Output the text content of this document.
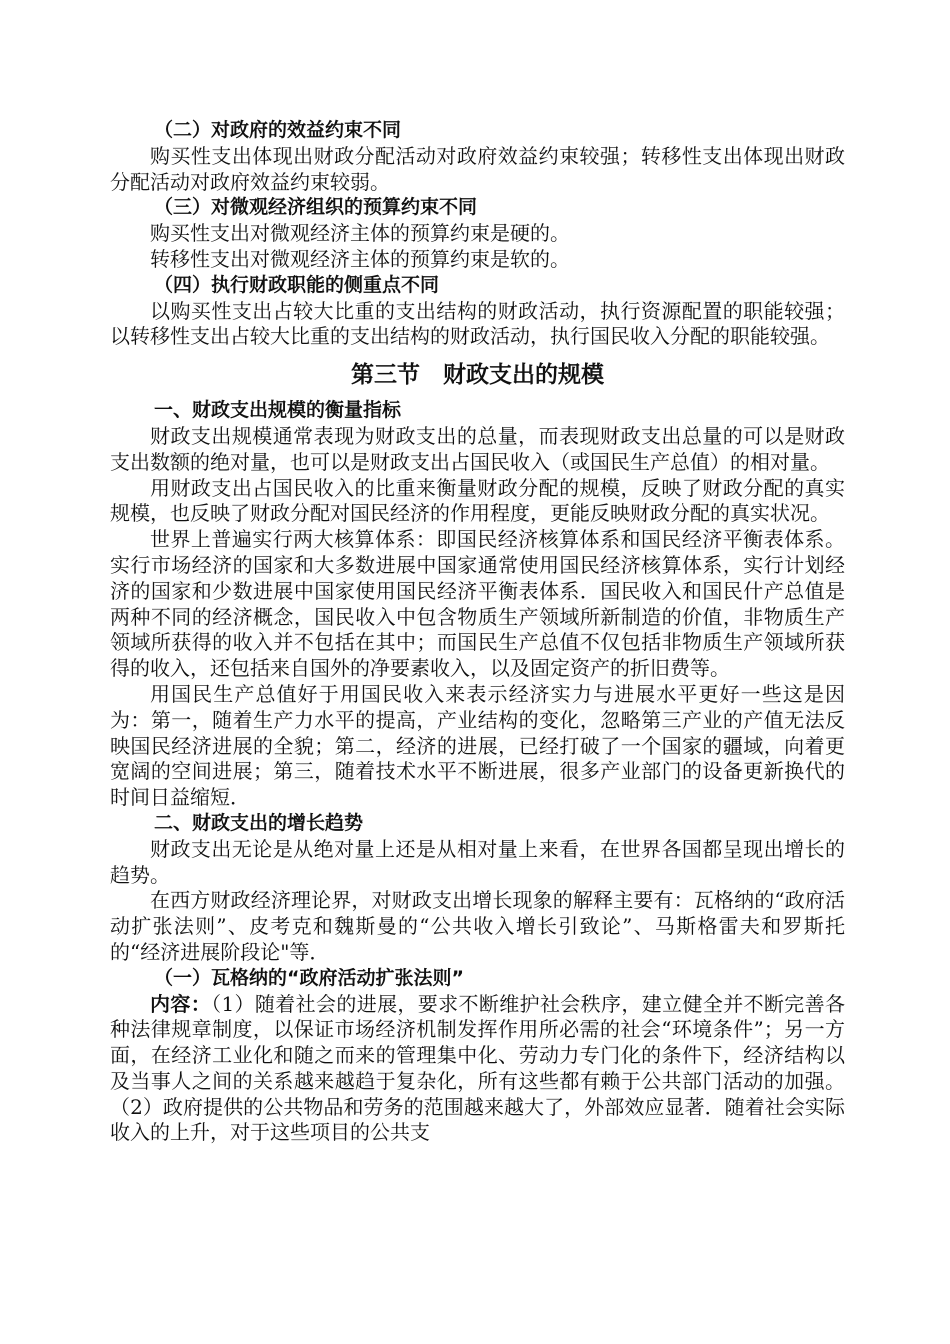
（二）对政府的效益约束不同

购买性支出体现出财政分配活动对政府效益约束较强；转移性支出体现出财政分配活动对政府效益约束较弱。

（三）对微观经济组织的预算约束不同

购买性支出对微观经济主体的预算约束是硬的。

转移性支出对微观经济主体的预算约束是软的。

（四）执行财政职能的侧重点不同

以购买性支出占较大比重的支出结构的财政活动，执行资源配置的职能较强；以转移性支出占较大比重的支出结构的财政活动，执行国民收入分配的职能较强。

第三节　财政支出的规模

一、财政支出规模的衡量指标

财政支出规模通常表现为财政支出的总量，而表现财政支出总量的可以是财政支出数额的绝对量，也可以是财政支出占国民收入（或国民生产总值）的相对量。

用财政支出占国民收入的比重来衡量财政分配的规模，反映了财政分配的真实规模，也反映了财政分配对国民经济的作用程度，更能反映财政分配的真实状况。

世界上普遍实行两大核算体系：即国民经济核算体系和国民经济平衡表体系。实行市场经济的国家和大多数进展中国家通常使用国民经济核算体系，实行计划经济的国家和少数进展中国家使用国民经济平衡表体系．国民收入和国民什产总值是两种不同的经济概念，国民收入中包含物质生产领域所新制造的价值，非物质生产领域所获得的收入并不包括在其中；而国民生产总值不仅包括非物质生产领域所获得的收入，还包括来自国外的净要素收入，以及固定资产的折旧费等。

用国民生产总值好于用国民收入来表示经济实力与进展水平更好一些这是因为：第一，随着生产力水平的提高，产业结构的变化，忽略第三产业的产值无法反映国民经济进展的全貌；第二，经济的进展，已经打破了一个国家的疆域，向着更宽阔的空间进展；第三，随着技术水平不断进展，很多产业部门的设备更新换代的时间日益缩短．

二、财政支出的增长趋势

财政支出无论是从绝对量上还是从相对量上来看，在世界各国都呈现出增长的趋势。

在西方财政经济理论界，对财政支出增长现象的解释主要有：瓦格纳的“政府活动扩张法则”、皮考克和魏斯曼的“公共收入增长引致论”、马斯格雷夫和罗斯托的“经济进展阶段论"等．

（一）瓦格纳的“政府活动扩张法则”

内容：（1）随着社会的进展，要求不断维护社会秩序，建立健全并不断完善各种法律规章制度，以保证市场经济机制发挥作用所必需的社会“环境条件”；另一方面，在经济工业化和随之而来的管理集中化、劳动力专门化的条件下，经济结构以及当事人之间的关系越来越趋于复杂化，所有这些都有赖于公共部门活动的加强。（2）政府提供的公共物品和劳务的范围越来越大了，外部效应显著．随着社会实际收入的上升，对于这些项目的公共支
